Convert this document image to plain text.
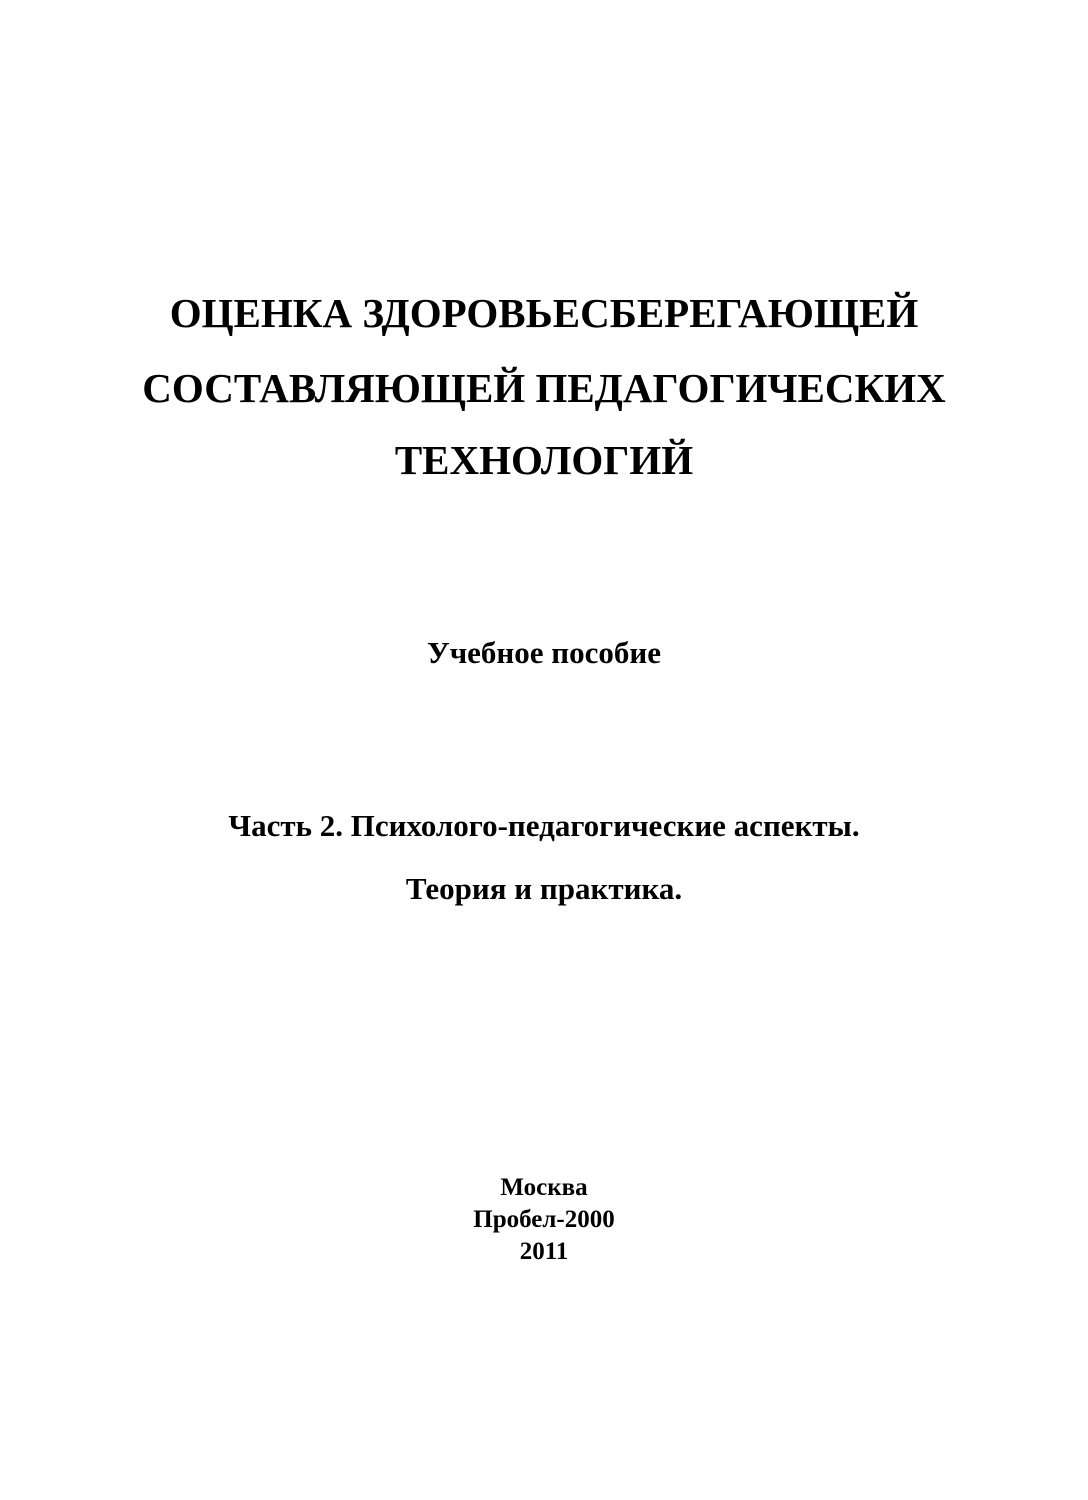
ОЦЕНКА ЗДОРОВЬЕСБЕРЕГАЮЩЕЙ
СОСТАВЛЯЮЩЕЙ ПЕДАГОГИЧЕСКИХ
ТЕХНОЛОГИЙ
Учебное пособие
Часть 2. Психолого-педагогические аспекты.
Теория и практика.
Москва
Пробел-2000
2011
